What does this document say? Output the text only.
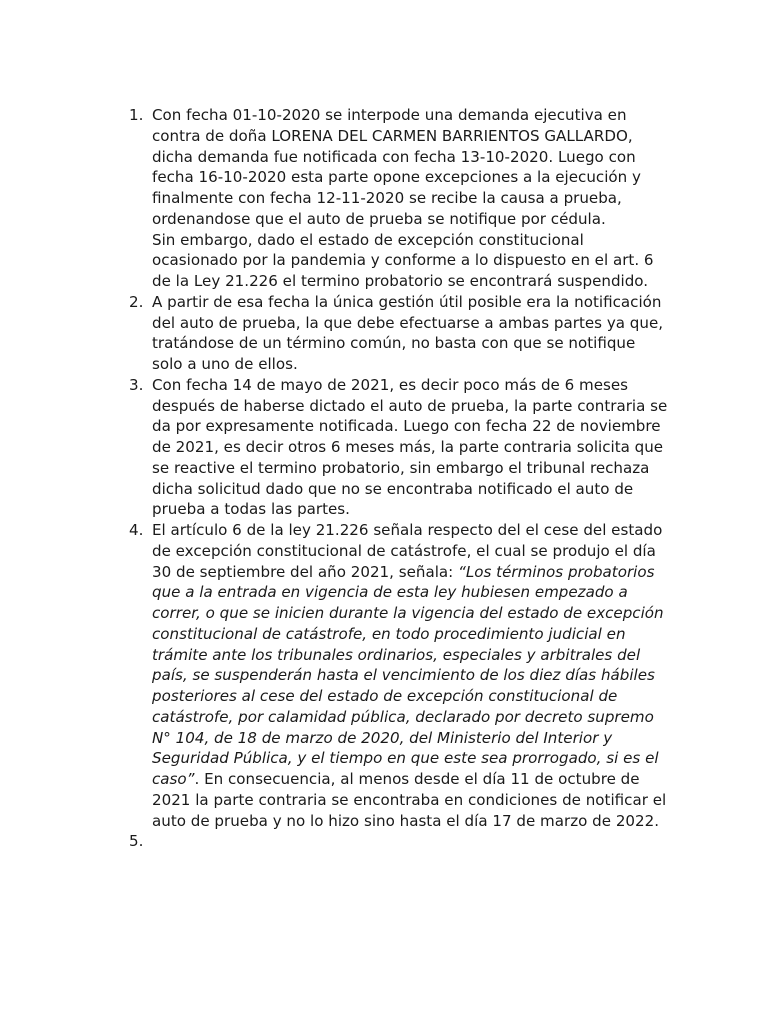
1. Con fecha 01-10-2020 se interpode una demanda ejecutiva en contra de doña LORENA DEL CARMEN BARRIENTOS GALLARDO, dicha demanda fue notificada con fecha 13-10-2020. Luego con fecha 16-10-2020 esta parte opone excepciones a la ejecución y finalmente con fecha 12-11-2020 se recibe la causa a prueba, ordenandose que el auto de prueba se notifique por cédula.

Sin embargo, dado el estado de excepción constitucional ocasionado por la pandemia y conforme a lo dispuesto en el art. 6 de la Ley 21.226 el termino probatorio se encontrará suspendido.

2. A partir de esa fecha la única gestión útil posible era la notificación del auto de prueba, la que debe efectuarse a ambas partes ya que, tratándose de un término común, no basta con que se notifique solo a uno de ellos.

3. Con fecha 14 de mayo de 2021, es decir poco más de 6 meses después de haberse dictado el auto de prueba, la parte contraria se da por expresamente notificada. Luego con fecha 22 de noviembre de 2021, es decir otros 6 meses más, la parte contraria solicita que se reactive el termino probatorio, sin embargo el tribunal rechaza dicha solicitud dado que no se encontraba notificado el auto de prueba a todas las partes.

4. El artículo 6 de la ley 21.226 señala respecto del el cese del estado de excepción constitucional de catástrofe, el cual se produjo el día 30 de septiembre del año 2021, señala: “Los términos probatorios que a la entrada en vigencia de esta ley hubiesen empezado a correr, o que se inicien durante la vigencia del estado de excepción constitucional de catástrofe, en todo procedimiento judicial en trámite ante los tribunales ordinarios, especiales y arbitrales del país, se suspenderán hasta el vencimiento de los diez días hábiles posteriores al cese del estado de excepción constitucional de catástrofe, por calamidad pública, declarado por decreto supremo N° 104, de 18 de marzo de 2020, del Ministerio del Interior y Seguridad Pública, y el tiempo en que este sea prorrogado, si es el caso”. En consecuencia, al menos desde el día 11 de octubre de 2021 la parte contraria se encontraba en condiciones de notificar el auto de prueba y no lo hizo sino hasta el día 17 de marzo de 2022.

5.
